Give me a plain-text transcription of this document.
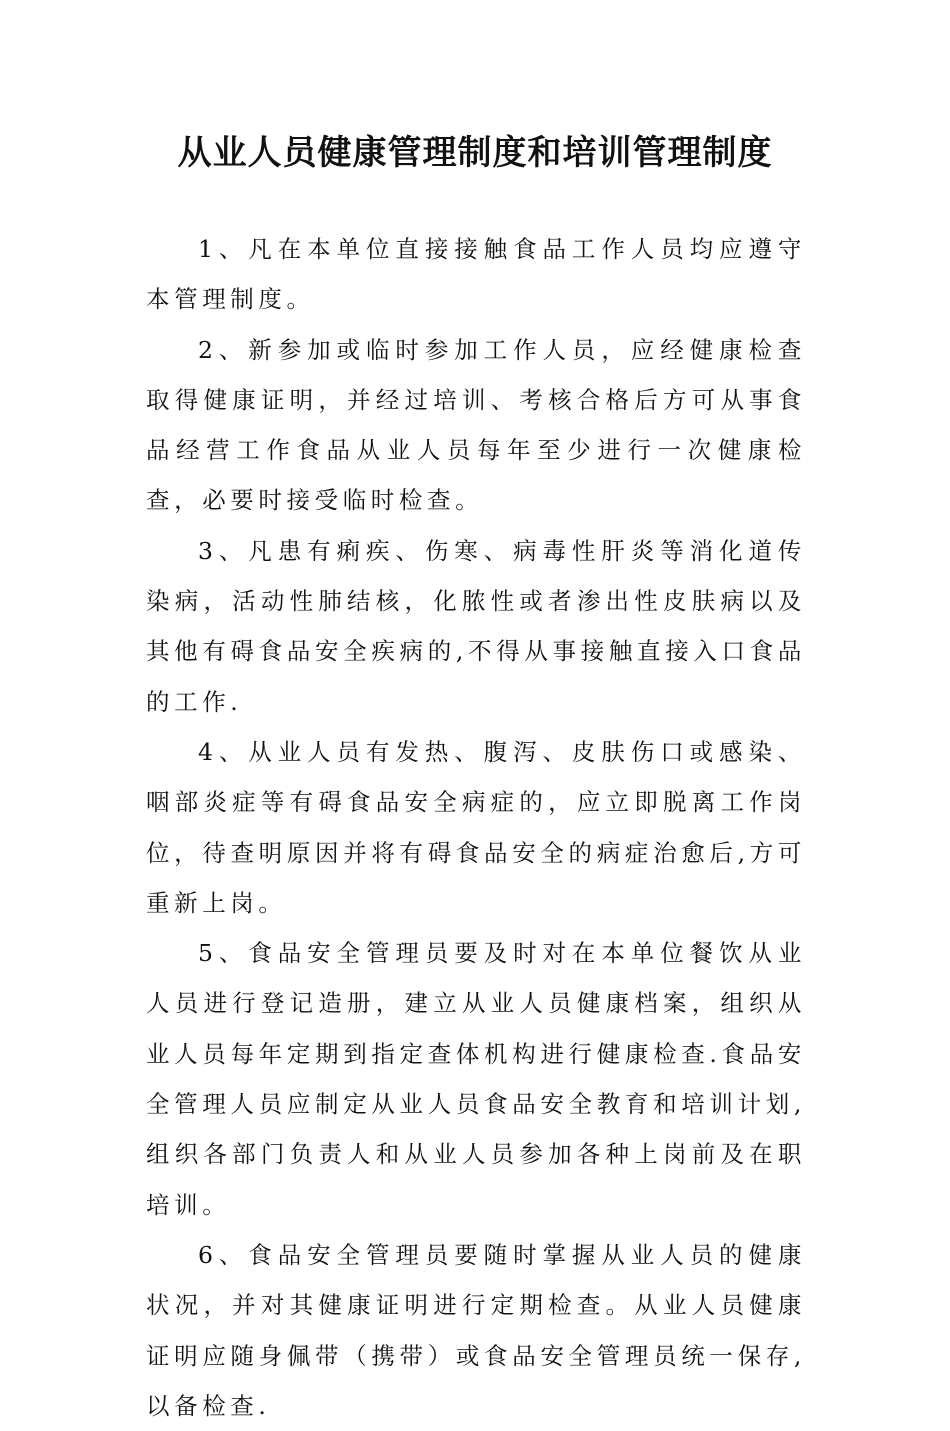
从业人员健康管理制度和培训管理制度

1、凡在本单位直接接触食品工作人员均应遵守本管理制度。

2、新参加或临时参加工作人员，应经健康检查取得健康证明，并经过培训、考核合格后方可从事食品经营工作食品从业人员每年至少进行一次健康检查，必要时接受临时检查。

3、凡患有痢疾、伤寒、病毒性肝炎等消化道传染病，活动性肺结核，化脓性或者渗出性皮肤病以及其他有碍食品安全疾病的,不得从事接触直接入口食品的工作.

4、从业人员有发热、腹泻、皮肤伤口或感染、咽部炎症等有碍食品安全病症的，应立即脱离工作岗位，待查明原因并将有碍食品安全的病症治愈后,方可重新上岗。

5、食品安全管理员要及时对在本单位餐饮从业人员进行登记造册，建立从业人员健康档案，组织从业人员每年定期到指定查体机构进行健康检查.食品安全管理人员应制定从业人员食品安全教育和培训计划,组织各部门负责人和从业人员参加各种上岗前及在职培训。

6、食品安全管理员要随时掌握从业人员的健康状况，并对其健康证明进行定期检查。从业人员健康证明应随身佩带（携带）或食品安全管理员统一保存,以备检查.
